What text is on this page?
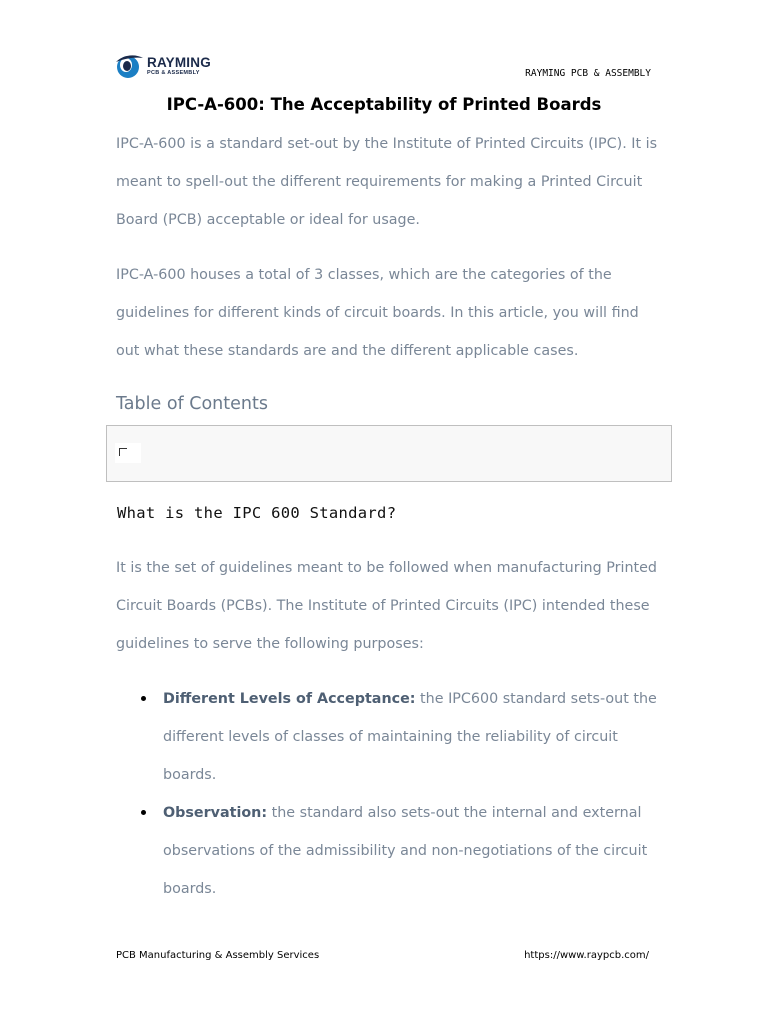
RAYMING
PCB & ASSEMBLY	RAYMING PCB & ASSEMBLY
IPC-A-600: The Acceptability of Printed Boards

IPC-A-600 is a standard set-out by the Institute of Printed Circuits (IPC). It is meant to spell-out the different requirements for making a Printed Circuit Board (PCB) acceptable or ideal for usage.

IPC-A-600 houses a total of 3 classes, which are the categories of the guidelines for different kinds of circuit boards. In this article, you will find out what these standards are and the different applicable cases.

Table of Contents
What is the IPC 600 Standard?

It is the set of guidelines meant to be followed when manufacturing Printed Circuit Boards (PCBs). The Institute of Printed Circuits (IPC) intended these guidelines to serve the following purposes:

Different Levels of Acceptance: the IPC600 standard sets-out the different levels of classes of maintaining the reliability of circuit boards.
Observation: the standard also sets-out the internal and external observations of the admissibility and non-negotiations of the circuit boards.
PCB Manufacturing & Assembly Services	https://www.raypcb.com/
